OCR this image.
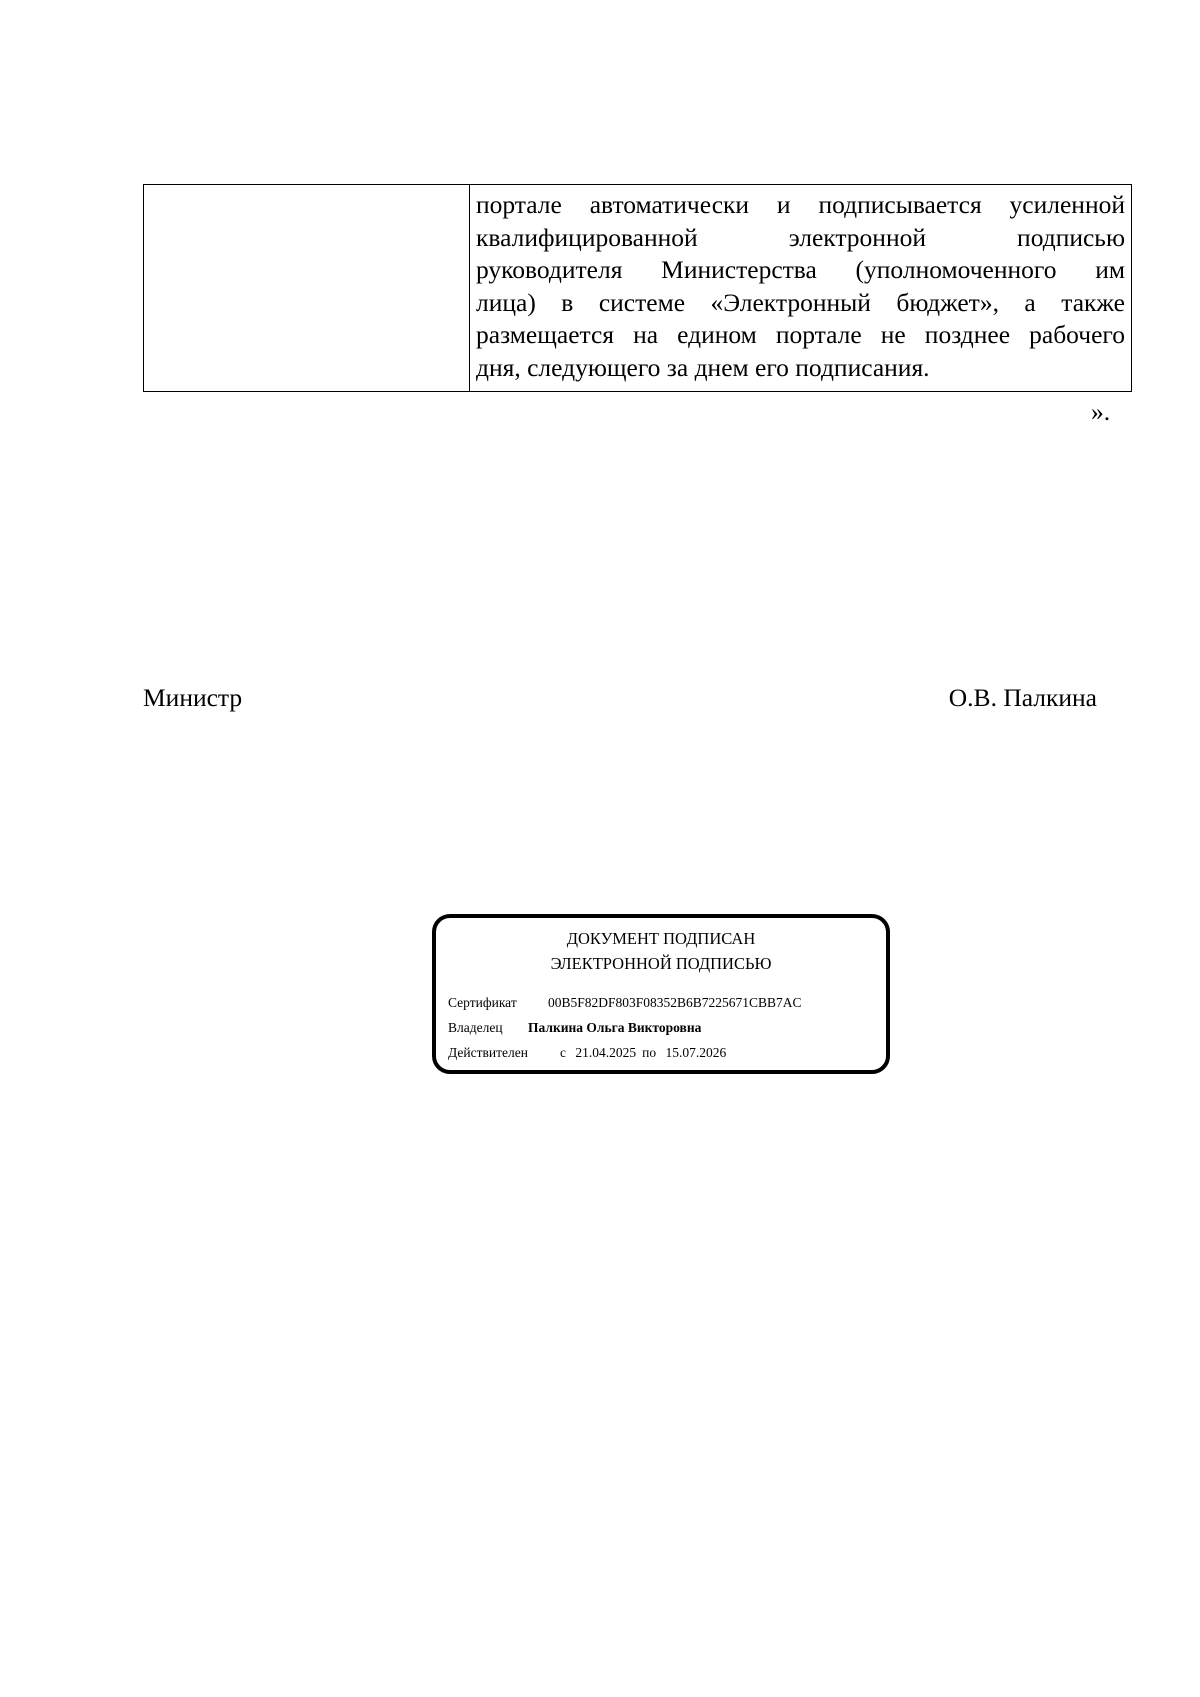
портале автоматически и подписывается усиленной
квалифицированной электронной подписью
руководителя Министерства (уполномоченного им
лица) в системе «Электронный бюджет», а также
размещается на едином портале не позднее рабочего
дня, следующего за днем его подписания.
».
Министр	О.В. Палкина
ДОКУМЕНТ ПОДПИСАН
ЭЛЕКТРОННОЙ ПОДПИСЬЮ
Сертификат 00B5F82DF803F08352B6B7225671CBB7AC
Владелец Палкина Ольга Викторовна
Действителен с 21.04.2025 по 15.07.2026
